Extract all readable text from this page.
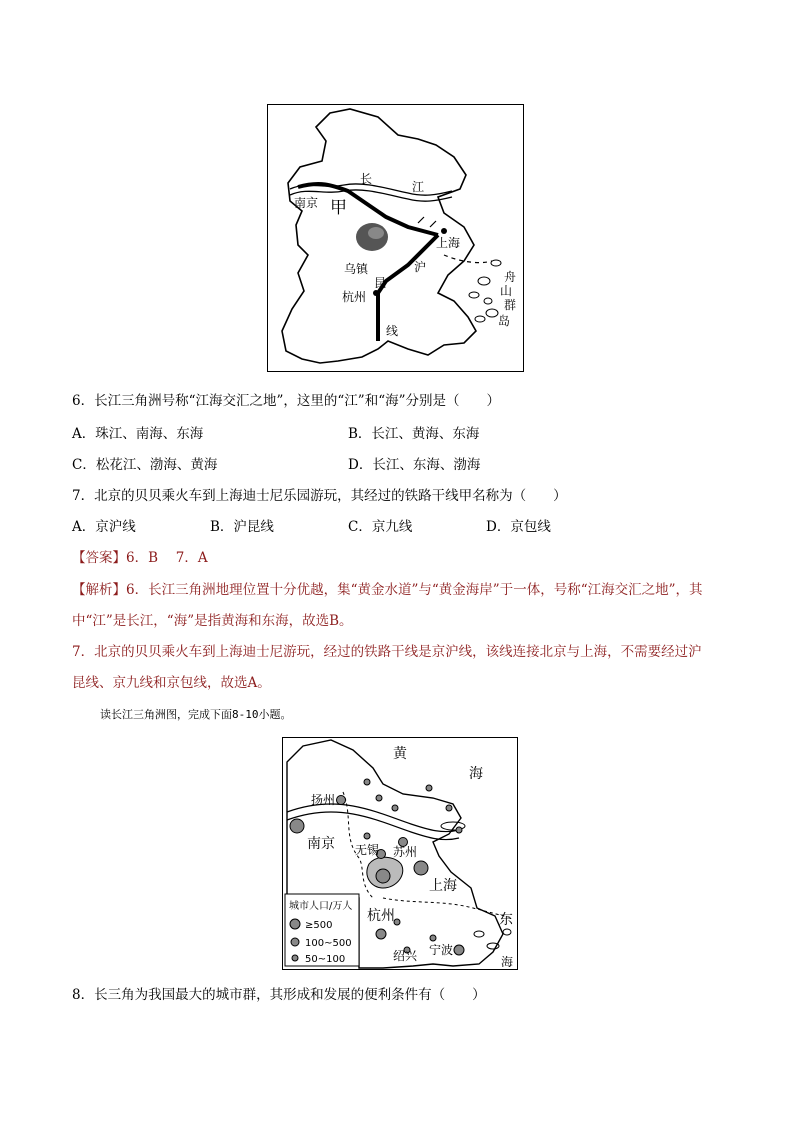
长
江
南京 甲
上海
乌镇	沪
昆
杭州
线
舟
山
群
岛
6．长江三角洲号称“江海交汇之地”，这里的“江”和“海”分别是（　　）
A．珠江、南海、东海	B．长江、黄海、东海
C．松花江、渤海、黄海	D．长江、东海、渤海
7．北京的贝贝乘火车到上海迪士尼乐园游玩，其经过的铁路干线甲名称为（　　）
A．京沪线	B．沪昆线	C．京九线	D．京包线
【答案】6．B　 7．A
【解析】6．长江三角洲地理位置十分优越，集“黄金水道”与“黄金海岸”于一体，号称“江海交汇之地”，其
中“江”是长江，“海”是指黄海和东海，故选B。
7．北京的贝贝乘火车到上海迪士尼游玩，经过的铁路干线是京沪线，该线连接北京与上海，不需要经过沪
昆线、京九线和京包线，故选A。
读长江三角洲图，完成下面8-10小题。
城市人口/万人
≥500
100~500
50~100
黄
海
扬州
南京 无锡 苏州
上海
杭州
绍兴 宁波
东
海
8．长三角为我国最大的城市群，其形成和发展的便利条件有（　　）
